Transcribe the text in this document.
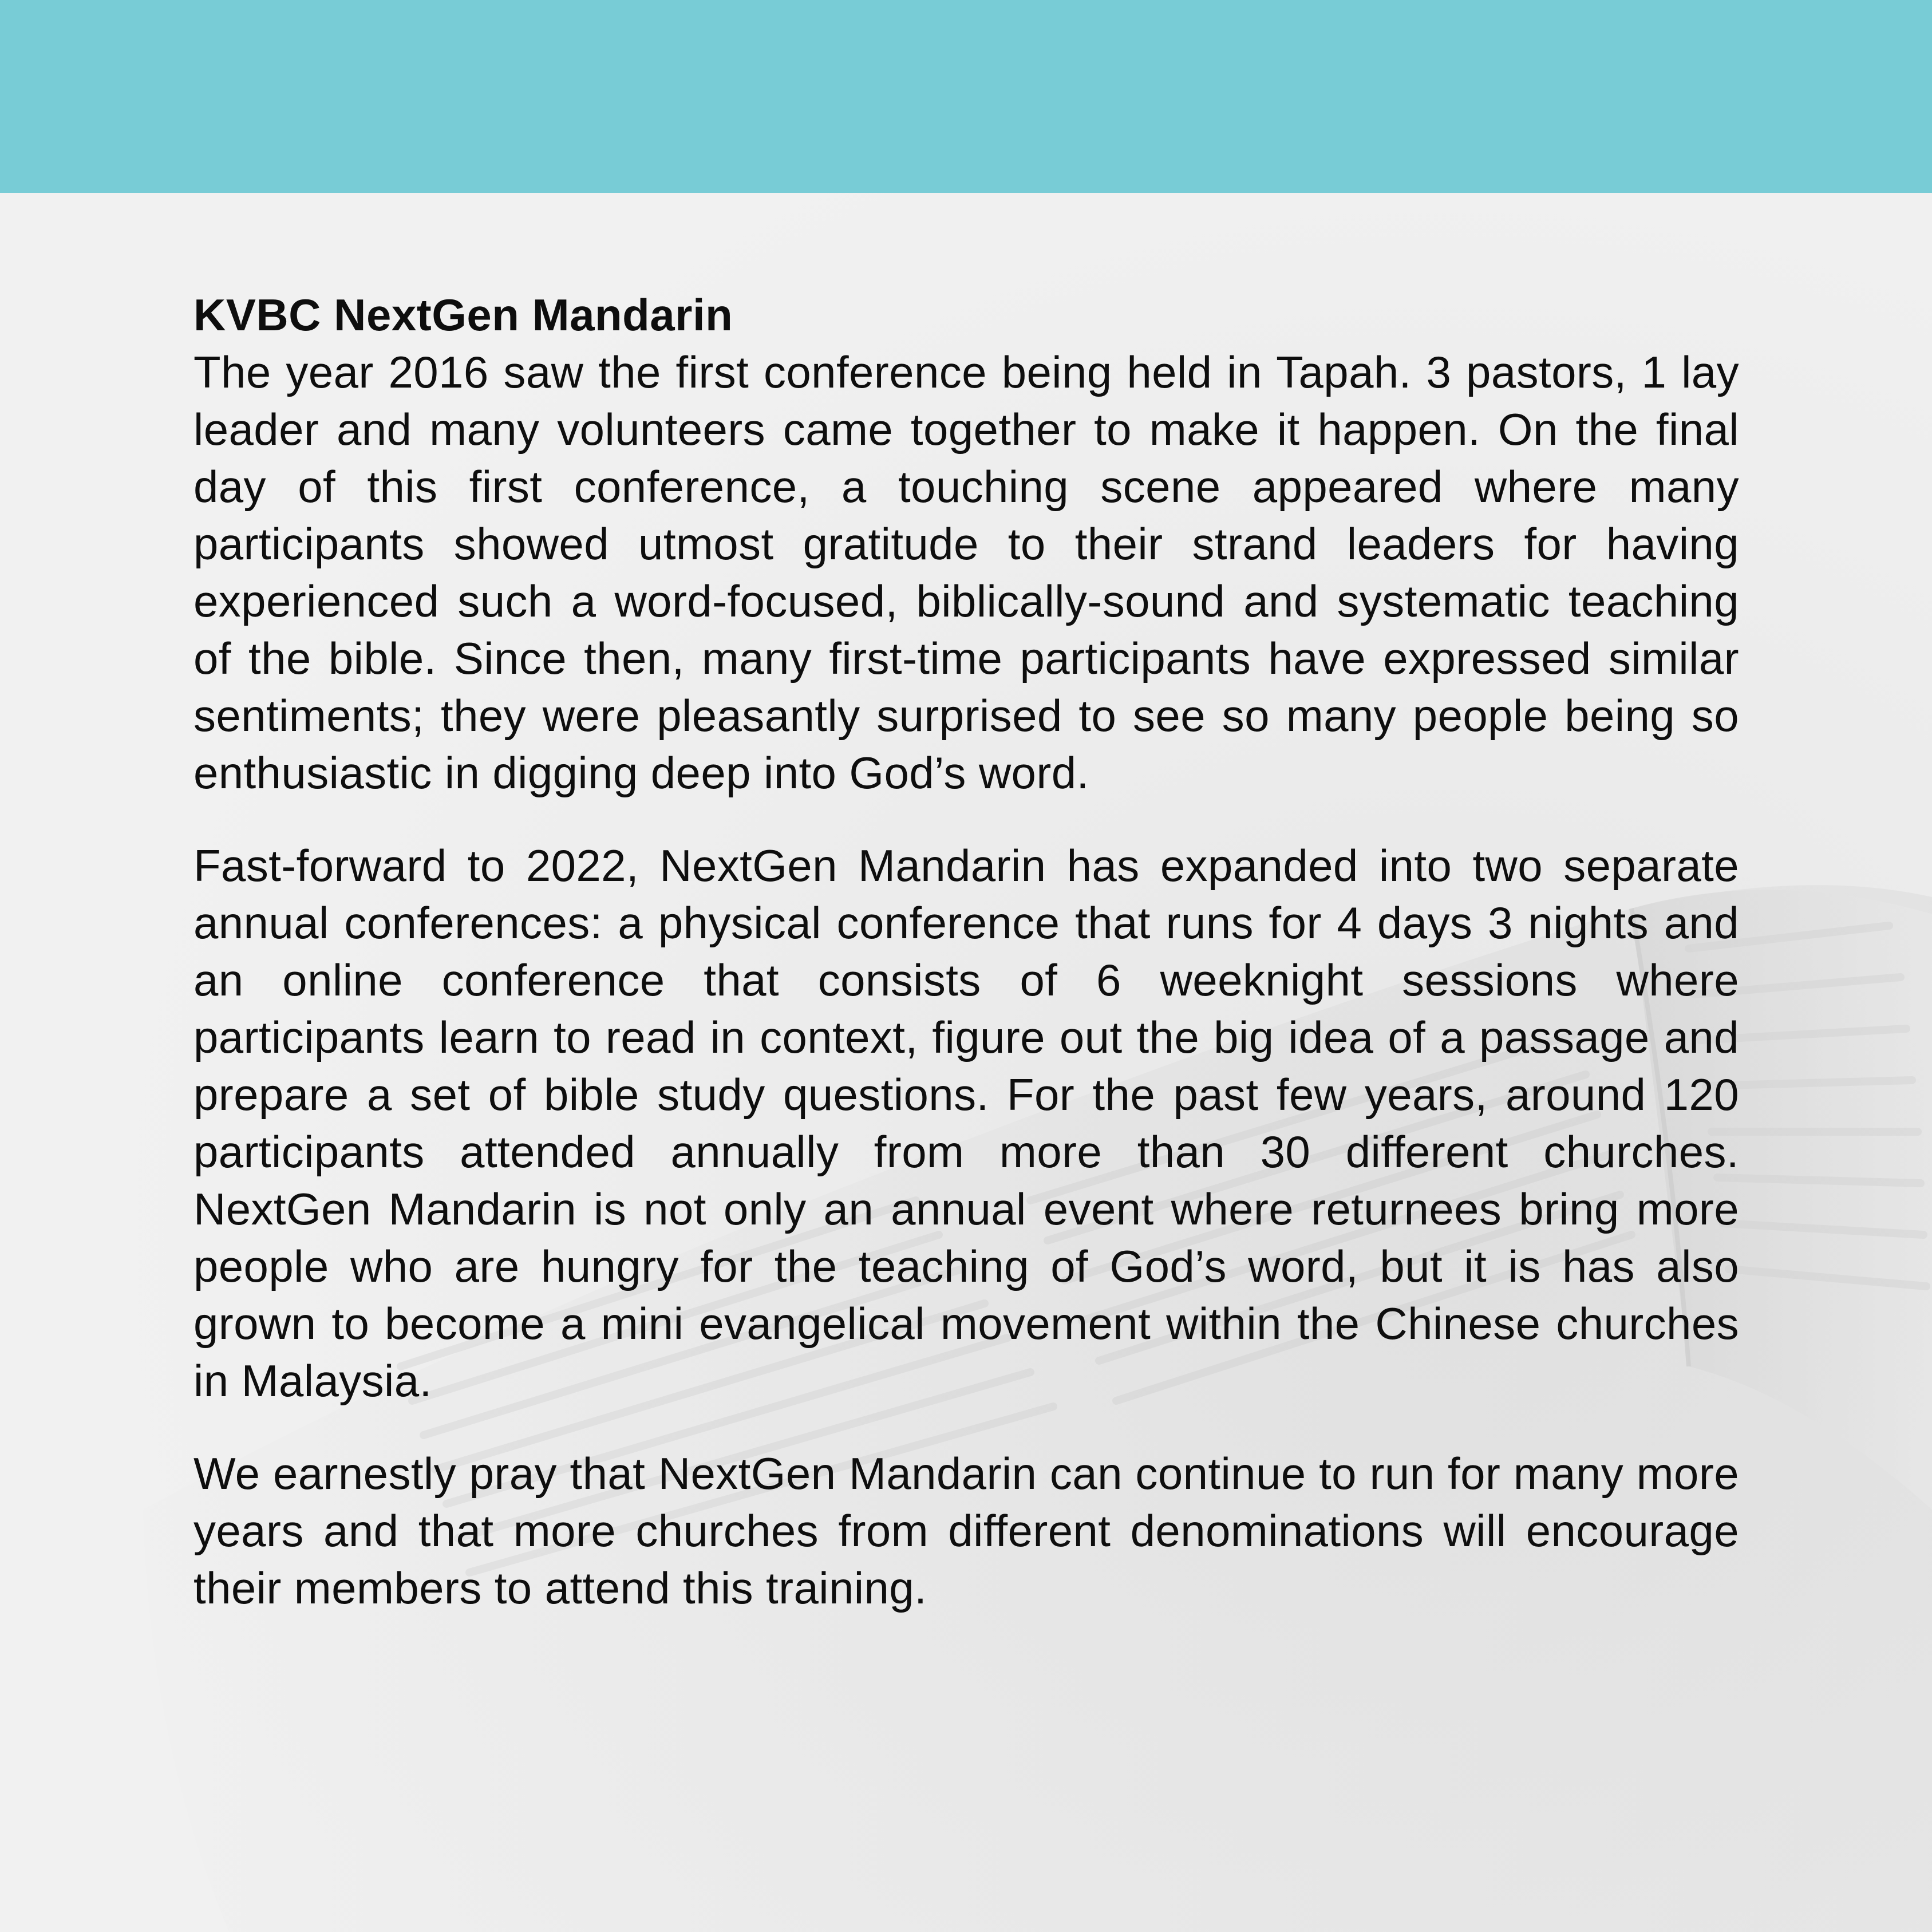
KVBC NextGen Mandarin

The year 2016 saw the first conference being held in Tapah. 3 pastors, 1 lay leader and many volunteers came together to make it happen. On the final day of this first conference, a touching scene appeared where many participants showed utmost gratitude to their strand leaders for having experienced such a word-focused, biblically-sound and systematic teaching of the bible. Since then, many first-time participants have expressed similar sentiments; they were pleasantly surprised to see so many people being so enthusiastic in digging deep into God’s word.

Fast-forward to 2022, NextGen Mandarin has expanded into two separate annual conferences: a physical conference that runs for 4 days 3 nights and an online conference that consists of 6 weeknight sessions where participants learn to read in context, figure out the big idea of a passage and prepare a set of bible study questions. For the past few years, around 120 participants attended annually from more than 30 different churches. NextGen Mandarin is not only an annual event where returnees bring more people who are hungry for the teaching of God’s word, but it is has also grown to become a mini evangelical movement within the Chinese churches in Malaysia.

We earnestly pray that NextGen Mandarin can continue to run for many more years and that more churches from different denominations will encourage their members to attend this training.
